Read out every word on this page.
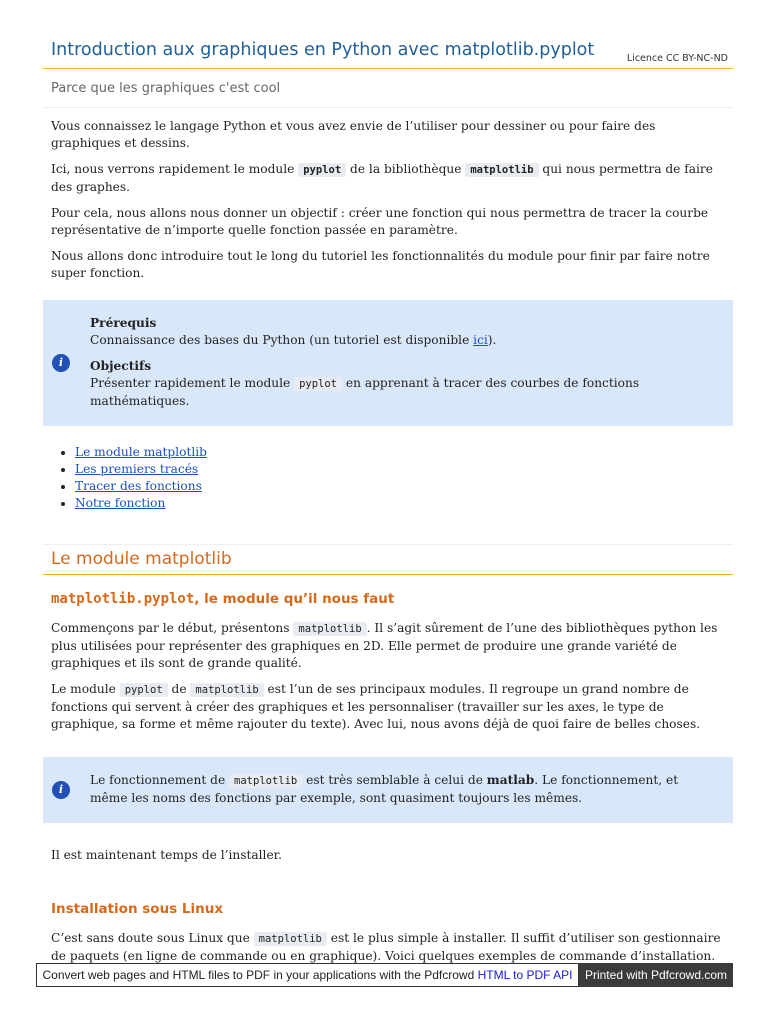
Introduction aux graphiques en Python avec matplotlib.pyplot	Licence CC BY-NC-ND
Parce que les graphiques c'est cool

Vous connaissez le langage Python et vous avez envie de l’utiliser pour dessiner ou pour faire des graphiques et dessins.

Ici, nous verrons rapidement le module pyplot de la bibliothèque matplotlib qui nous permettra de faire des graphes.

Pour cela, nous allons nous donner un objectif : créer une fonction qui nous permettra de tracer la courbe représentative de n’importe quelle fonction passée en paramètre.

Nous allons donc introduire tout le long du tutoriel les fonctionnalités du module pour finir par faire notre super fonction.

i
Prérequis
Connaissance des bases du Python (un tutoriel est disponible ici).
Objectifs
Présenter rapidement le module pyplot en apprenant à tracer des courbes de fonctions mathématiques.
• Le module matplotlib
• Les premiers tracés
• Tracer des fonctions
• Notre fonction
Le module matplotlib
matplotlib.pyplot, le module qu’il nous faut

Commençons par le début, présentons matplotlib . Il s’agit sûrement de l’une des bibliothèques python les plus utilisées pour représenter des graphiques en 2D. Elle permet de produire une grande variété de graphiques et ils sont de grande qualité.

Le module pyplot de matplotlib est l’un de ses principaux modules. Il regroupe un grand nombre de fonctions qui servent à créer des graphiques et les personnaliser (travailler sur les axes, le type de graphique, sa forme et même rajouter du texte). Avec lui, nous avons déjà de quoi faire de belles choses.

i
Le fonctionnement de matplotlib est très semblable à celui de matlab. Le fonctionnement, et même les noms des fonctions par exemple, sont quasiment toujours les mêmes.

Il est maintenant temps de l’installer.

Installation sous Linux

C’est sans doute sous Linux que matplotlib est le plus simple à installer. Il suffit d’utiliser son gestionnaire de paquets (en ligne de commande ou en graphique). Voici quelques exemples de commande d’installation.

Convert web pages and HTML files to PDF in your applications with the Pdfcrowd HTML to PDF API	Printed with Pdfcrowd.com
